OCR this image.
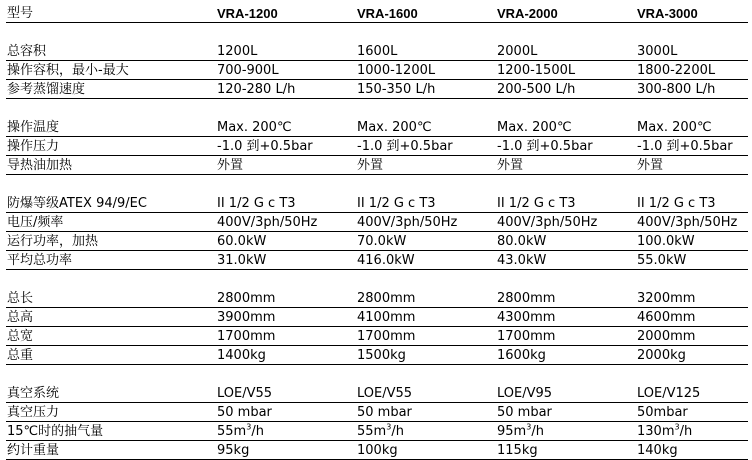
型号	VRA-1200	VRA-1600	VRA-2000	VRA-3000

总容积	1200L	1600L	2000L	3000L
操作容积，最小-最大	700-900L	1000-1200L	1200-1500L	1800-2200L
参考蒸馏速度	120-280 L/h	150-350 L/h	200-500 L/h	300-800 L/h

操作温度	Max. 200℃	Max. 200℃	Max. 200℃	Max. 200℃
操作压力	-1.0 到+0.5bar	-1.0 到+0.5bar	-1.0 到+0.5bar	-1.0 到+0.5bar
导热油加热	外置	外置	外置	外置

防爆等级ATEX 94/9/EC	II 1/2 G c T3	II 1/2 G c T3	II 1/2 G c T3	II 1/2 G c T3
电压/频率	400V/3ph/50Hz	400V/3ph/50Hz	400V/3ph/50Hz	400V/3ph/50Hz
运行功率，加热	60.0kW	70.0kW	80.0kW	100.0kW
平均总功率	31.0kW	416.0kW	43.0kW	55.0kW

总长	2800mm	2800mm	2800mm	3200mm
总高	3900mm	4100mm	4300mm	4600mm
总宽	1700mm	1700mm	1700mm	2000mm
总重	1400kg	1500kg	1600kg	2000kg

真空系统	LOE/V55	LOE/V55	LOE/V95	LOE/V125
真空压力	50 mbar	50 mbar	50 mbar	50mbar
15℃时的抽气量	$55m^3/h$	$55m^3/h$	$95m^3/h$	$130m^3/h$
约计重量	95kg	100kg	115kg	140kg
